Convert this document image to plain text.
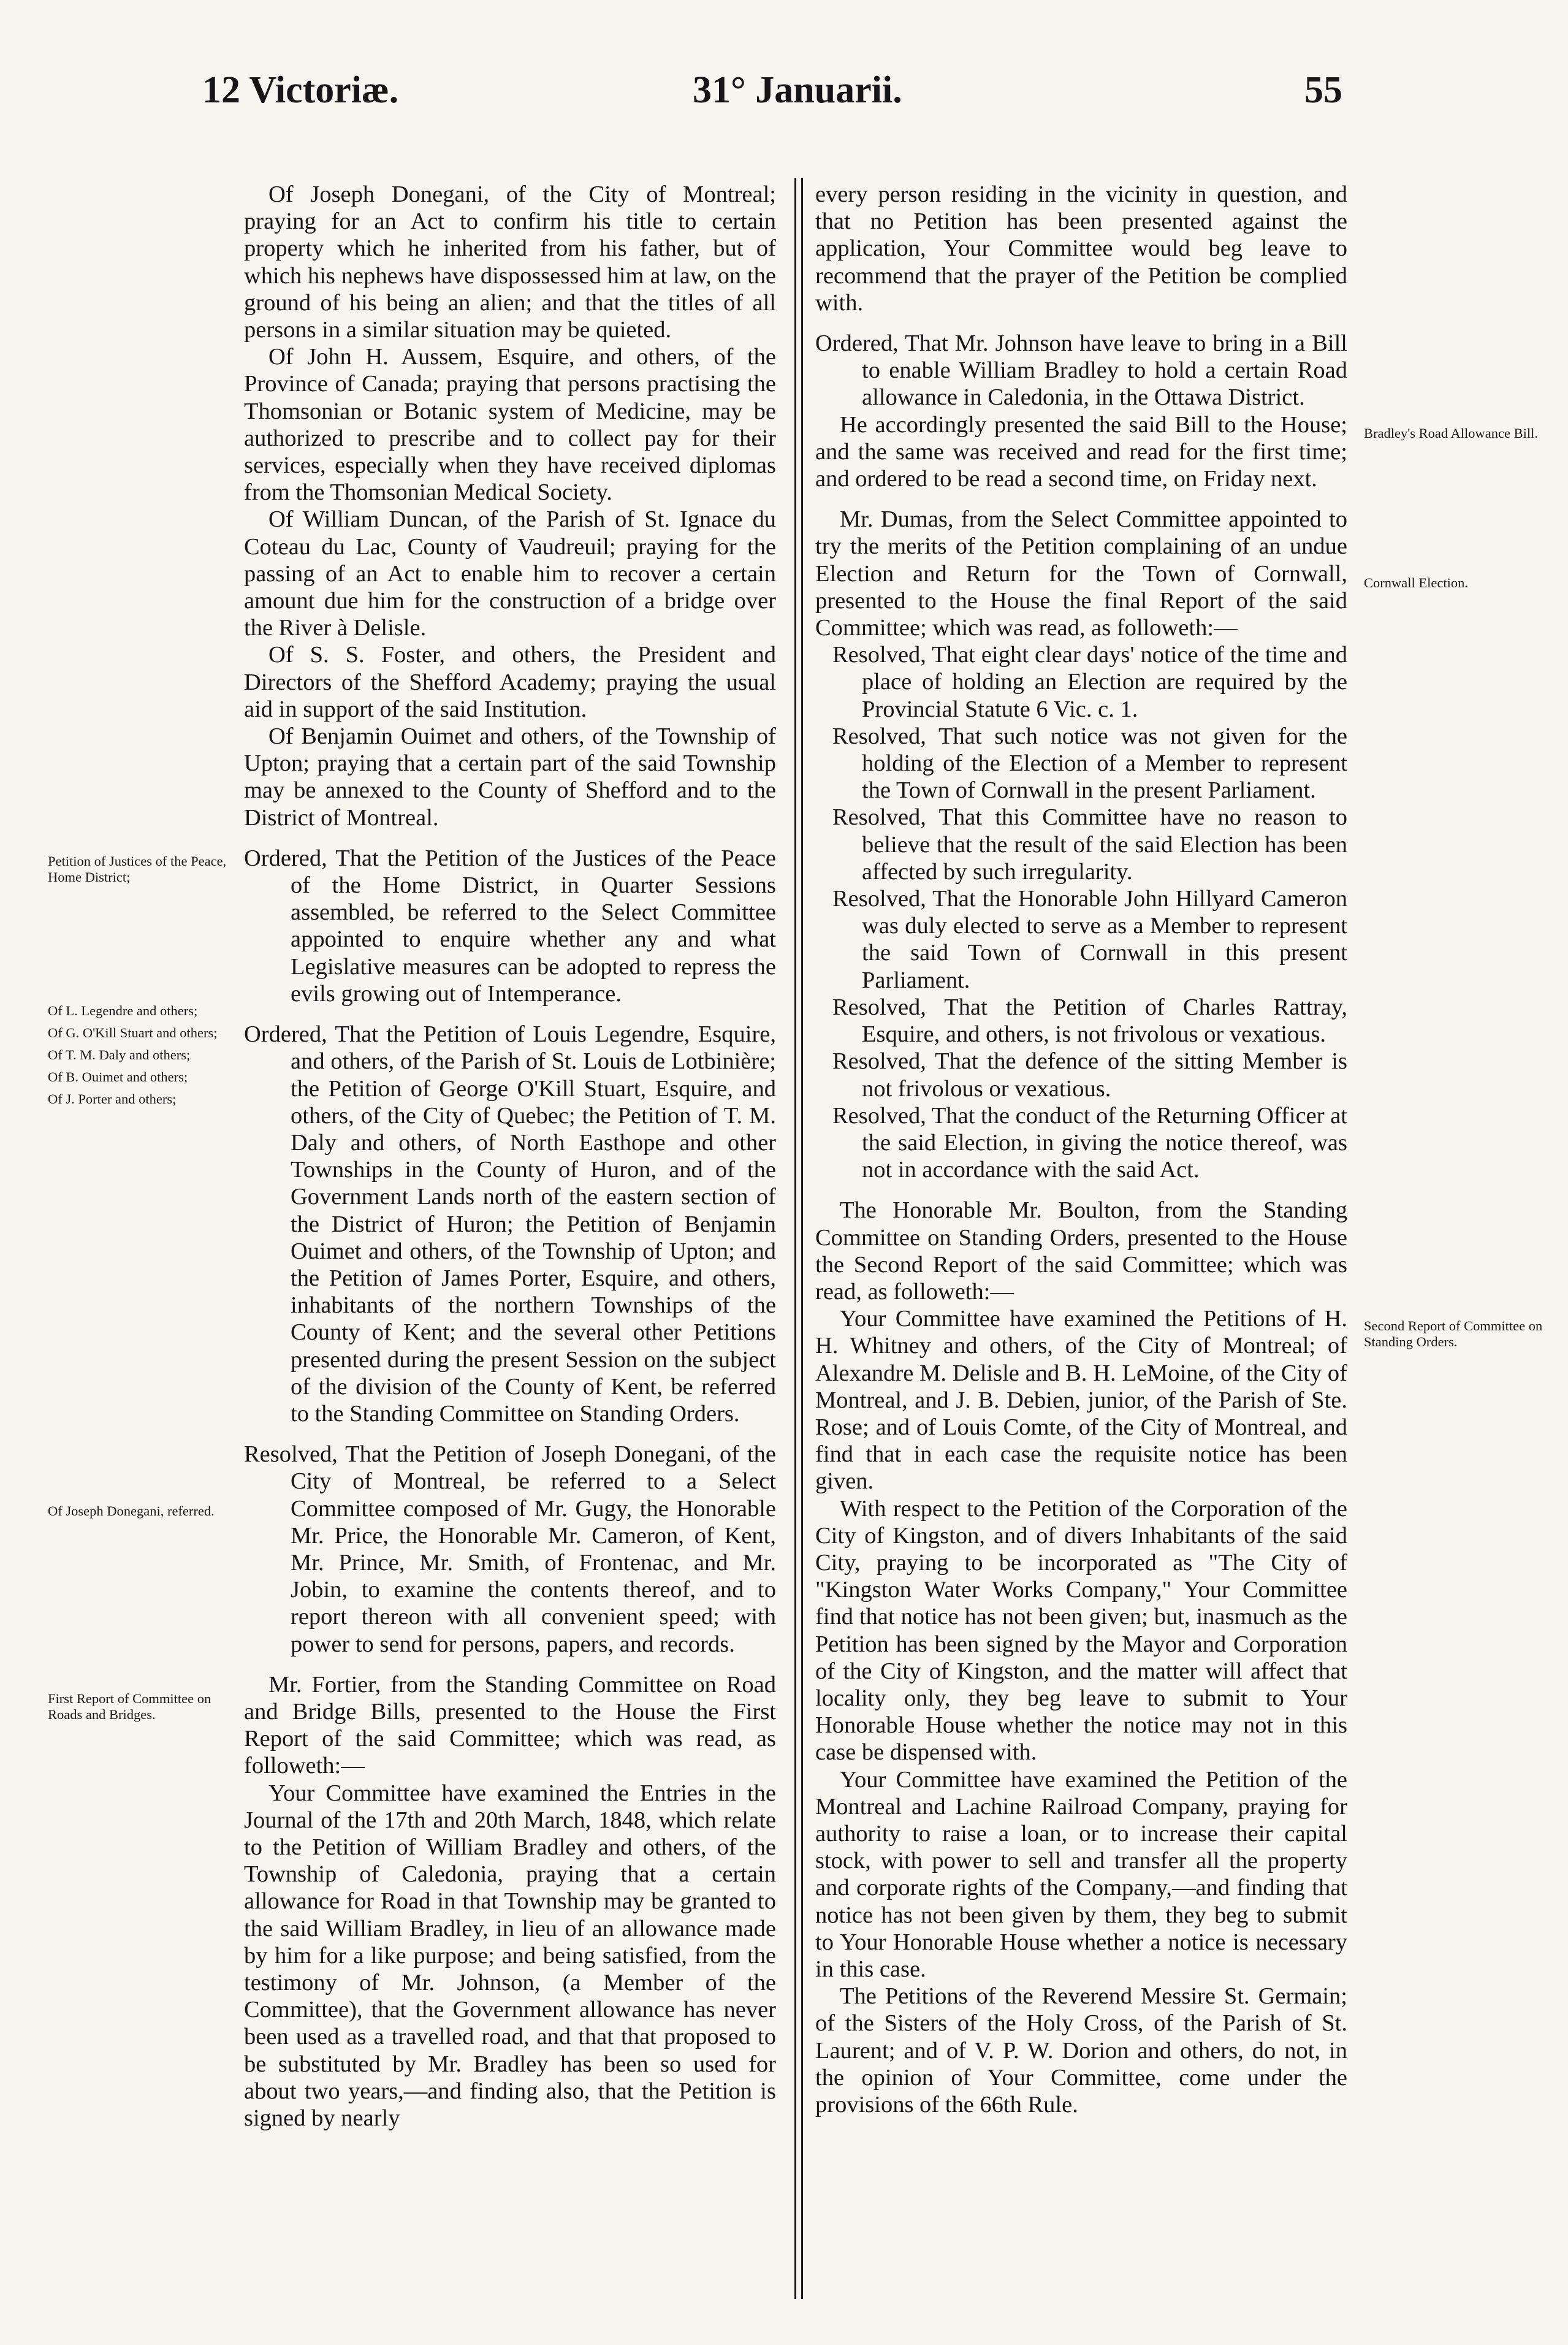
12 Victoriæ.	31° Januarii.	55

Of Joseph Donegani, of the City of Montreal; praying for an Act to confirm his title to certain property which he inherited from his father, but of which his nephews have dispossessed him at law, on the ground of his being an alien; and that the titles of all persons in a similar situation may be quieted.

Of John H. Aussem, Esquire, and others, of the Province of Canada; praying that persons practising the Thomsonian or Botanic system of Medicine, may be authorized to prescribe and to collect pay for their services, especially when they have received diplomas from the Thomsonian Medical Society.

Of William Duncan, of the Parish of St. Ignace du Coteau du Lac, County of Vaudreuil; praying for the passing of an Act to enable him to recover a certain amount due him for the construction of a bridge over the River à Delisle.

Of S. S. Foster, and others, the President and Directors of the Shefford Academy; praying the usual aid in support of the said Institution.

Of Benjamin Ouimet and others, of the Township of Upton; praying that a certain part of the said Township may be annexed to the County of Shefford and to the District of Montreal.

Ordered, That the Petition of the Justices of the Peace of the Home District, in Quarter Sessions assembled, be referred to the Select Committee appointed to enquire whether any and what Legislative measures can be adopted to repress the evils growing out of Intemperance.

Ordered, That the Petition of Louis Legendre, Esquire, and others, of the Parish of St. Louis de Lotbinière; the Petition of George O'Kill Stuart, Esquire, and others, of the City of Quebec; the Petition of T. M. Daly and others, of North Easthope and other Townships in the County of Huron, and of the Government Lands north of the eastern section of the District of Huron; the Petition of Benjamin Ouimet and others, of the Township of Upton; and the Petition of James Porter, Esquire, and others, inhabitants of the northern Townships of the County of Kent; and the several other Petitions presented during the present Session on the subject of the division of the County of Kent, be referred to the Standing Committee on Standing Orders.

Resolved, That the Petition of Joseph Donegani, of the City of Montreal, be referred to a Select Committee composed of Mr. Gugy, the Honorable Mr. Price, the Honorable Mr. Cameron, of Kent, Mr. Prince, Mr. Smith, of Frontenac, and Mr. Jobin, to examine the contents thereof, and to report thereon with all convenient speed; with power to send for persons, papers, and records.

Mr. Fortier, from the Standing Committee on Road and Bridge Bills, presented to the House the First Report of the said Committee; which was read, as followeth:—

Your Committee have examined the Entries in the Journal of the 17th and 20th March, 1848, which relate to the Petition of William Bradley and others, of the Township of Caledonia, praying that a certain allowance for Road in that Township may be granted to the said William Bradley, in lieu of an allowance made by him for a like purpose; and being satisfied, from the testimony of Mr. Johnson, (a Member of the Committee), that the Government allowance has never been used as a travelled road, and that that proposed to be substituted by Mr. Bradley has been so used for about two years,—and finding also, that the Petition is signed by nearly

every person residing in the vicinity in question, and that no Petition has been presented against the application, Your Committee would beg leave to recommend that the prayer of the Petition be complied with.

Ordered, That Mr. Johnson have leave to bring in a Bill to enable William Bradley to hold a certain Road allowance in Caledonia, in the Ottawa District.

He accordingly presented the said Bill to the House; and the same was received and read for the first time; and ordered to be read a second time, on Friday next.

Mr. Dumas, from the Select Committee appointed to try the merits of the Petition complaining of an undue Election and Return for the Town of Cornwall, presented to the House the final Report of the said Committee; which was read, as followeth:—

Resolved, That eight clear days' notice of the time and place of holding an Election are required by the Provincial Statute 6 Vic. c. 1.

Resolved, That such notice was not given for the holding of the Election of a Member to represent the Town of Cornwall in the present Parliament.

Resolved, That this Committee have no reason to believe that the result of the said Election has been affected by such irregularity.

Resolved, That the Honorable John Hillyard Cameron was duly elected to serve as a Member to represent the said Town of Cornwall in this present Parliament.

Resolved, That the Petition of Charles Rattray, Esquire, and others, is not frivolous or vexatious.

Resolved, That the defence of the sitting Member is not frivolous or vexatious.

Resolved, That the conduct of the Returning Officer at the said Election, in giving the notice thereof, was not in accordance with the said Act.

The Honorable Mr. Boulton, from the Standing Committee on Standing Orders, presented to the House the Second Report of the said Committee; which was read, as followeth:—

Your Committee have examined the Petitions of H. H. Whitney and others, of the City of Montreal; of Alexandre M. Delisle and B. H. LeMoine, of the City of Montreal, and J. B. Debien, junior, of the Parish of Ste. Rose; and of Louis Comte, of the City of Montreal, and find that in each case the requisite notice has been given.

With respect to the Petition of the Corporation of the City of Kingston, and of divers Inhabitants of the said City, praying to be incorporated as "The City of "Kingston Water Works Company," Your Committee find that notice has not been given; but, inasmuch as the Petition has been signed by the Mayor and Corporation of the City of Kingston, and the matter will affect that locality only, they beg leave to submit to Your Honorable House whether the notice may not in this case be dispensed with.

Your Committee have examined the Petition of the Montreal and Lachine Railroad Company, praying for authority to raise a loan, or to increase their capital stock, with power to sell and transfer all the property and corporate rights of the Company,—and finding that notice has not been given by them, they beg to submit to Your Honorable House whether a notice is necessary in this case.

The Petitions of the Reverend Messire St. Germain; of the Sisters of the Holy Cross, of the Parish of St. Laurent; and of V. P. W. Dorion and others, do not, in the opinion of Your Committee, come under the provisions of the 66th Rule.

Petition of Justices of the Peace, Home District;
Of L. Legendre and others;
Of G. O'Kill Stuart and others;
Of T. M. Daly and others;
Of B. Ouimet and others;
Of J. Porter and others;
Of Joseph Donegani, referred.
First Report of Committee on Roads and Bridges.
Bradley's Road Allowance Bill.
Cornwall Election.
Second Report of Committee on Standing Orders.
